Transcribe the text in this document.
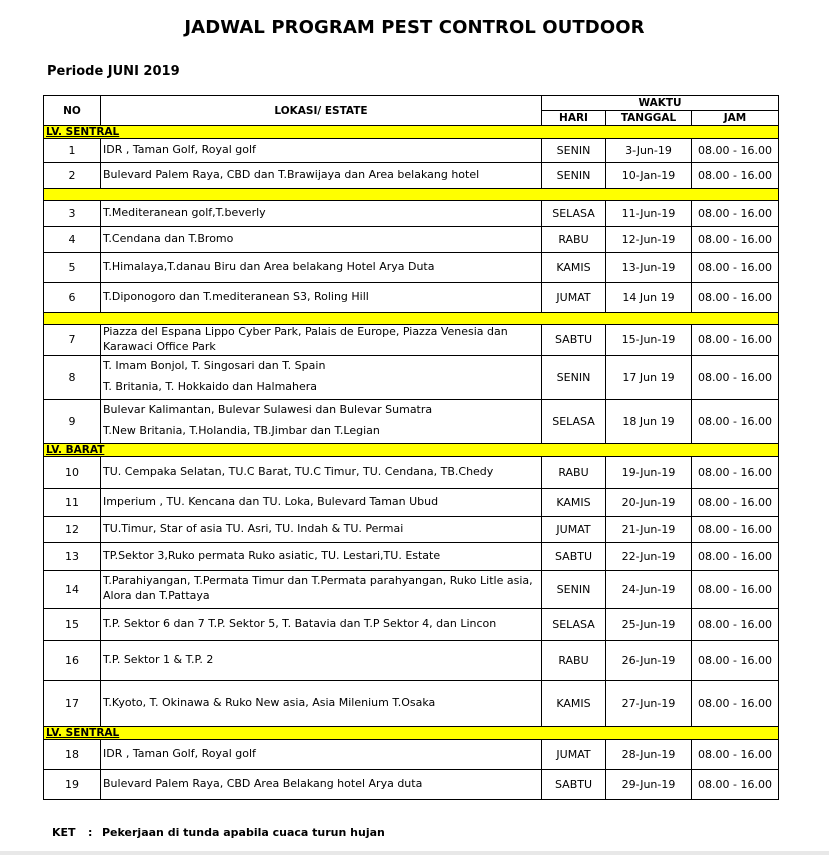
JADWAL PROGRAM PEST CONTROL OUTDOOR
Periode JUNI 2019
NO	LOKASI/ ESTATE	WAKTU		
		HARI	TANGGAL	JAM
LV. SENTRAL				
1	IDR , Taman Golf, Royal golf	SENIN	3-Jun-19	08.00 - 16.00
2	Bulevard Palem Raya, CBD dan T.Brawijaya dan Area belakang hotel	SENIN	10-Jan-19	08.00 - 16.00

3	T.Mediteranean golf,T.beverly	SELASA	11-Jun-19	08.00 - 16.00
4	T.Cendana dan T.Bromo	RABU	12-Jun-19	08.00 - 16.00
5	T.Himalaya,T.danau Biru dan Area belakang Hotel Arya Duta	KAMIS	13-Jun-19	08.00 - 16.00
6	T.Diponogoro dan T.mediteranean S3, Roling Hill	JUMAT	14 Jun 19	08.00 - 16.00

7	Piazza del Espana Lippo Cyber Park, Palais de Europe, Piazza Venesia dan Karawaci Office Park	SABTU	15-Jun-19	08.00 - 16.00
8	T. Imam Bonjol, T. Singosari dan T. Spain
T. Britania, T. Hokkaido dan Halmahera	SENIN	17 Jun 19	08.00 - 16.00
9	Bulevar Kalimantan, Bulevar Sulawesi dan Bulevar Sumatra
T.New Britania, T.Holandia, TB.Jimbar dan T.Legian	SELASA	18 Jun 19	08.00 - 16.00
LV. BARAT				
10	TU. Cempaka Selatan, TU.C Barat, TU.C Timur, TU. Cendana, TB.Chedy	RABU	19-Jun-19	08.00 - 16.00
11	Imperium , TU. Kencana dan TU. Loka, Bulevard Taman Ubud	KAMIS	20-Jun-19	08.00 - 16.00
12	TU.Timur, Star of asia TU. Asri, TU. Indah & TU. Permai	JUMAT	21-Jun-19	08.00 - 16.00
13	TP.Sektor 3,Ruko permata Ruko asiatic, TU. Lestari,TU. Estate	SABTU	22-Jun-19	08.00 - 16.00
14	T.Parahiyangan, T.Permata Timur dan T.Permata parahyangan, Ruko Litle asia, Alora dan T.Pattaya	SENIN	24-Jun-19	08.00 - 16.00
15	T.P. Sektor 6 dan 7 T.P. Sektor 5, T. Batavia dan T.P Sektor 4, dan Lincon	SELASA	25-Jun-19	08.00 - 16.00
16	T.P. Sektor 1 & T.P. 2	RABU	26-Jun-19	08.00 - 16.00
17	T.Kyoto, T. Okinawa & Ruko New asia, Asia Milenium T.Osaka	KAMIS	27-Jun-19	08.00 - 16.00
LV. SENTRAL				
18	IDR , Taman Golf, Royal golf	JUMAT	28-Jun-19	08.00 - 16.00
19	Bulevard Palem Raya, CBD Area Belakang hotel Arya duta	SABTU	29-Jun-19	08.00 - 16.00
KET : Pekerjaan di tunda apabila cuaca turun hujan
